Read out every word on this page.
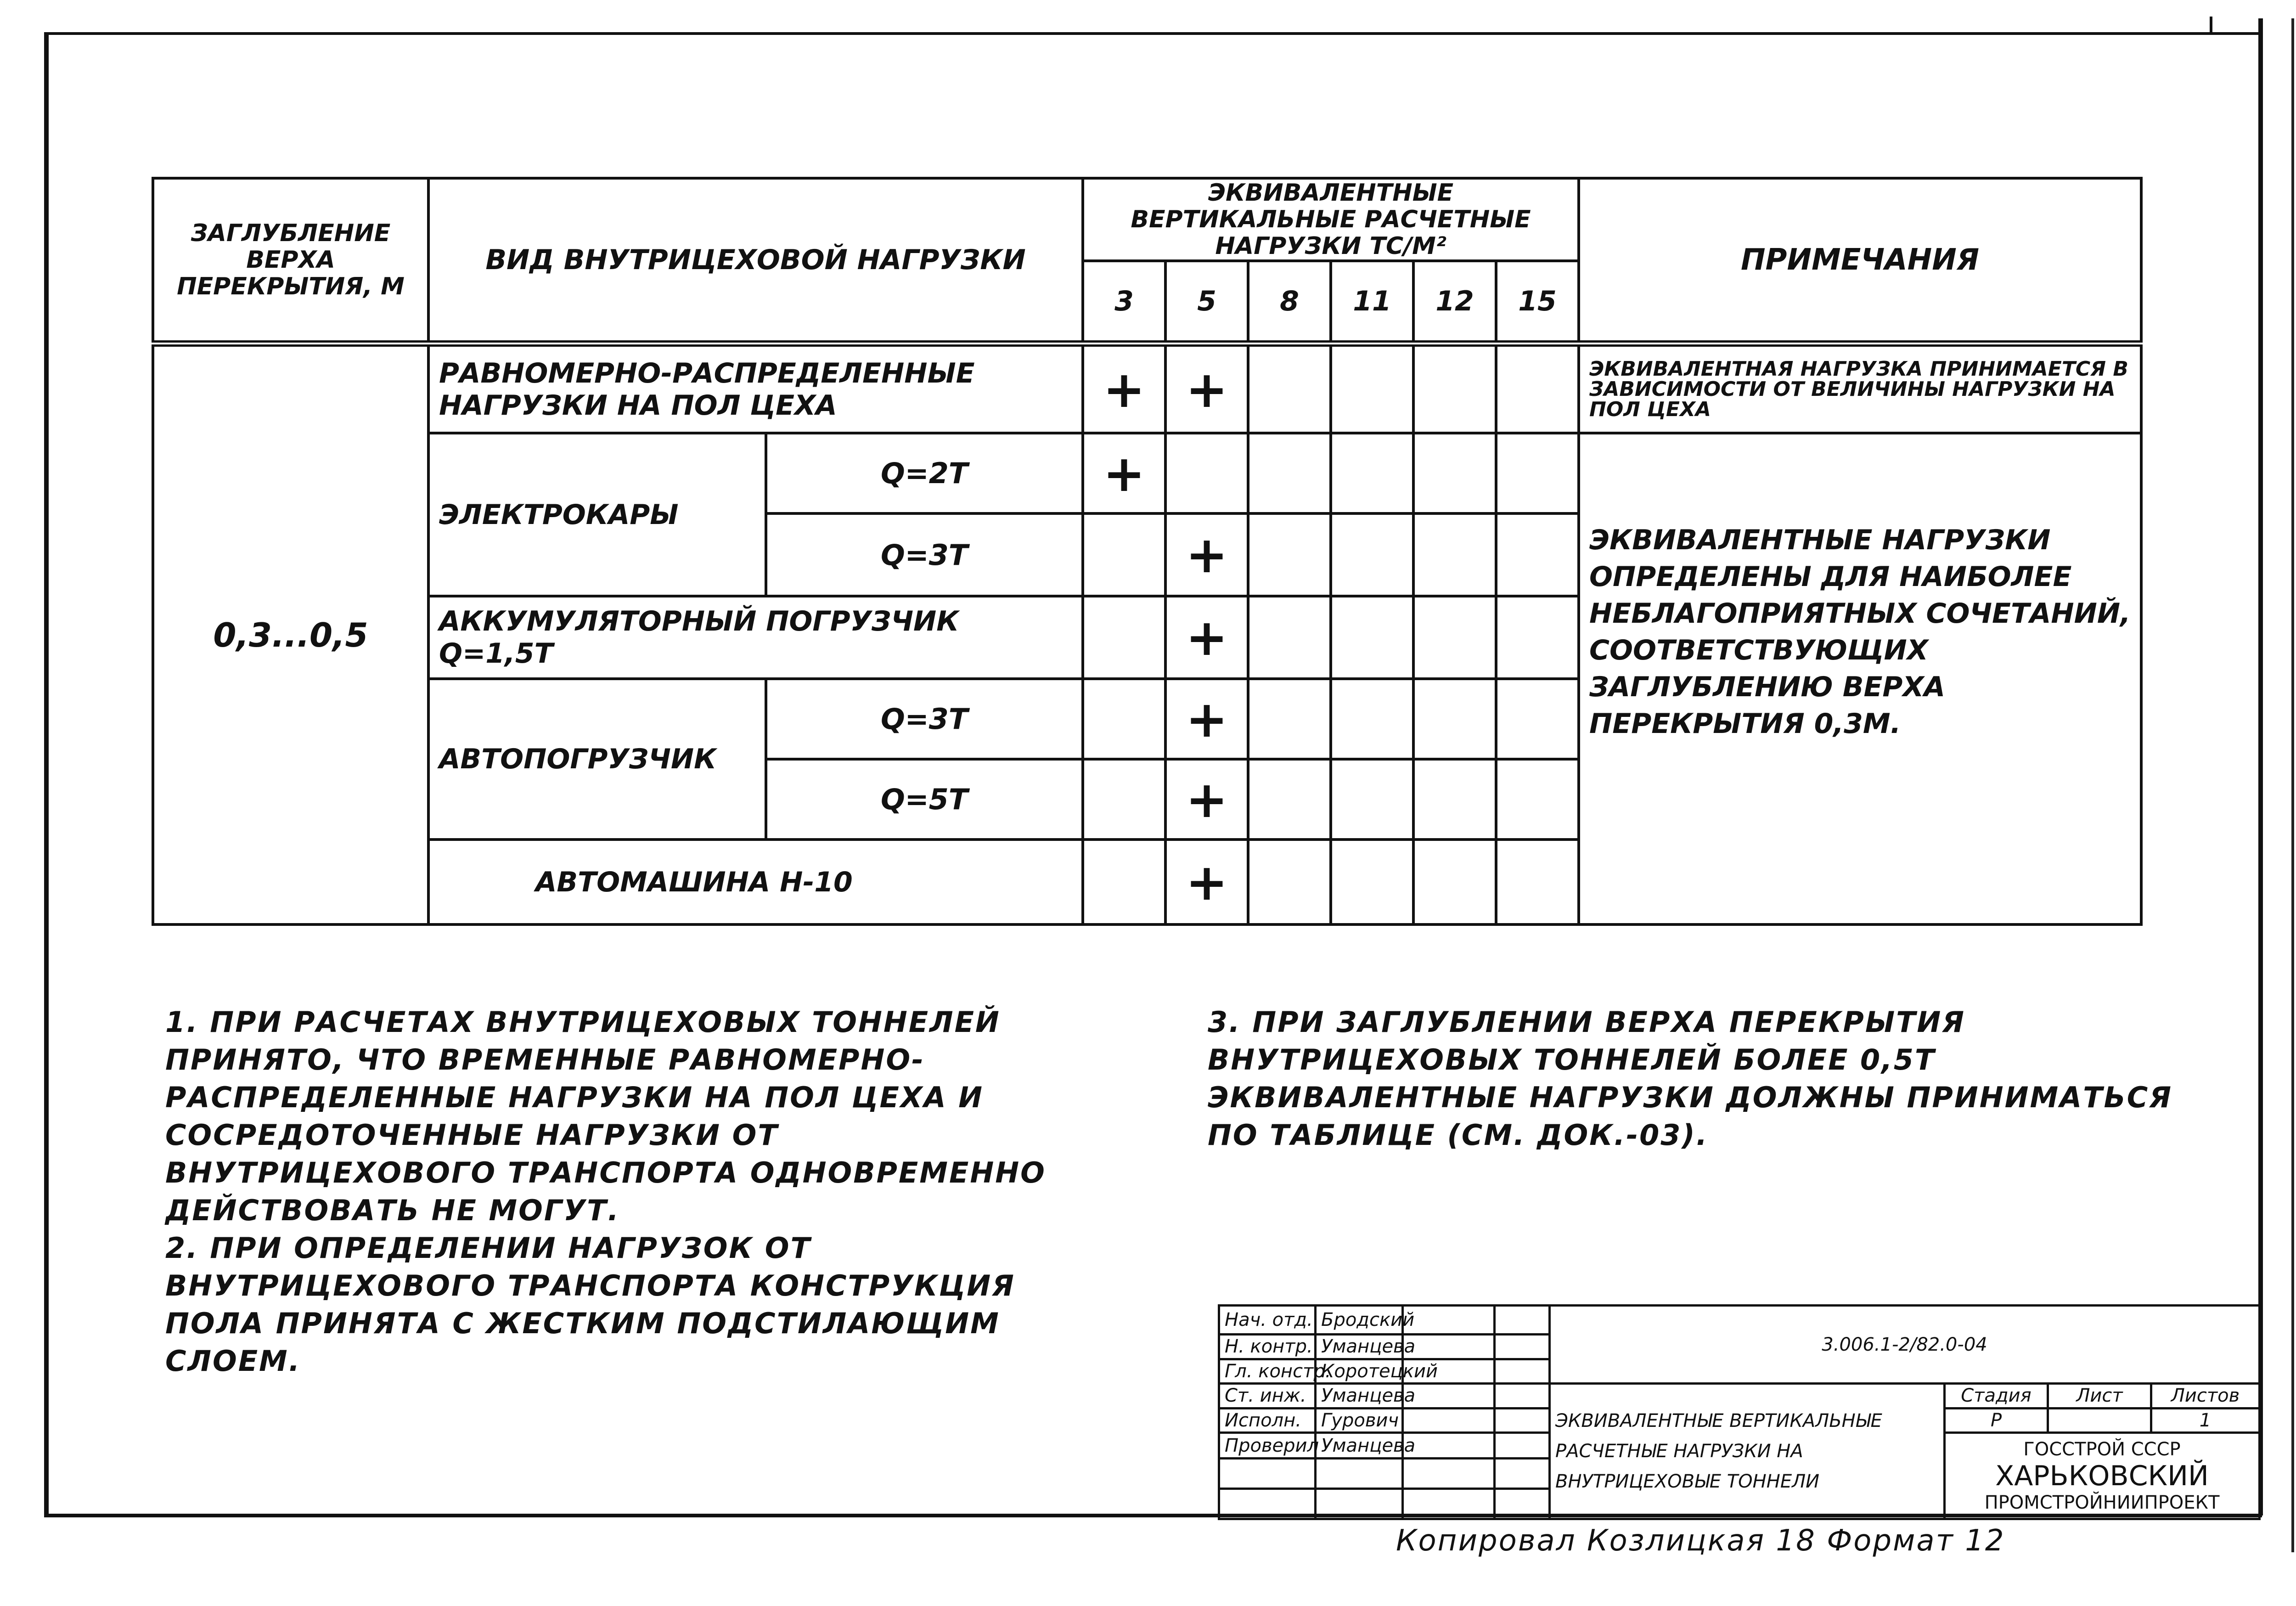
ЗАГЛУБЛЕНИЕ ВЕРХА ПЕРЕКРЫТИЯ, М	ВИД ВНУТРИЦЕХОВОЙ НАГРУЗКИ		ЭКВИВАЛЕНТНЫЕ ВЕРТИКАЛЬНЫЕ РАСЧЕТНЫЕ НАГРУЗКИ ТС/М²						ПРИМЕЧАНИЯ
			3	5	8	11	12	15	
0,3...0,5	РАВНОМЕРНО-РАСПРЕДЕЛЕННЫЕ НАГРУЗКИ НА ПОЛ ЦЕХА		+	+					ЭКВИВАЛЕНТНАЯ НАГРУЗКА ПРИНИМАЕТСЯ В ЗАВИСИМОСТИ ОТ ВЕЛИЧИНЫ НАГРУЗКИ НА ПОЛ ЦЕХА
	ЭЛЕКТРОКАРЫ	Q=2Т	+						ЭКВИВАЛЕНТНЫЕ НАГРУЗКИ ОПРЕДЕЛЕНЫ ДЛЯ НАИБОЛЕЕ НЕБЛАГОПРИЯТНЫХ СОЧЕТАНИЙ, СООТВЕТСТВУЮЩИХ ЗАГЛУБЛЕНИЮ ВЕРХА ПЕРЕКРЫТИЯ 0,3М.
		Q=3Т		+					
	АККУМУЛЯТОРНЫЙ ПОГРУЗЧИК Q=1,5Т			+					
	АВТОПОГРУЗЧИК	Q=3Т		+					
		Q=5Т		+					
	АВТОМАШИНА Н-10			+					

1. ПРИ РАСЧЕТАХ ВНУТРИЦЕХОВЫХ ТОННЕЛЕЙ ПРИНЯТО, ЧТО ВРЕМЕННЫЕ РАВНОМЕРНО-РАСПРЕДЕЛЕННЫЕ НАГРУЗКИ НА ПОЛ ЦЕХА И СОСРЕДОТОЧЕННЫЕ НАГРУЗКИ ОТ ВНУТРИЦЕХОВОГО ТРАНСПОРТА ОДНОВРЕМЕННО ДЕЙСТВОВАТЬ НЕ МОГУТ.

2. ПРИ ОПРЕДЕЛЕНИИ НАГРУЗОК ОТ ВНУТРИЦЕХОВОГО ТРАНСПОРТА КОНСТРУКЦИЯ ПОЛА ПРИНЯТА С ЖЕСТКИМ ПОДСТИЛАЮЩИМ СЛОЕМ.

3. ПРИ ЗАГЛУБЛЕНИИ ВЕРХА ПЕРЕКРЫТИЯ ВНУТРИЦЕХОВЫХ ТОННЕЛЕЙ БОЛЕЕ 0,5Т ЭКВИВАЛЕНТНЫЕ НАГРУЗКИ ДОЛЖНЫ ПРИНИМАТЬСЯ ПО ТАБЛИЦЕ (СМ. ДОК.-03).

Нач. отд.	Бродский			3.006.1-2/82.0-04			
Н. контр.	Уманцева						
Гл. констр.	Коротецкий						
Ст. инж.	Уманцева			ЭКВИВАЛЕНТНЫЕ ВЕРТИКАЛЬНЫЕ РАСЧЕТНЫЕ НАГРУЗКИ НА ВНУТРИЦЕХОВЫЕ ТОННЕЛИ	Стадия	Лист	Листов
Исполн.	Гурович				Р		1
Проверил	Уманцева				ГОССТРОЙ СССР
ХАРЬКОВСКИЙ
ПРОМСТРОЙНИИПРОЕКТ		

Копировал Козлицкая 18 Формат 12
